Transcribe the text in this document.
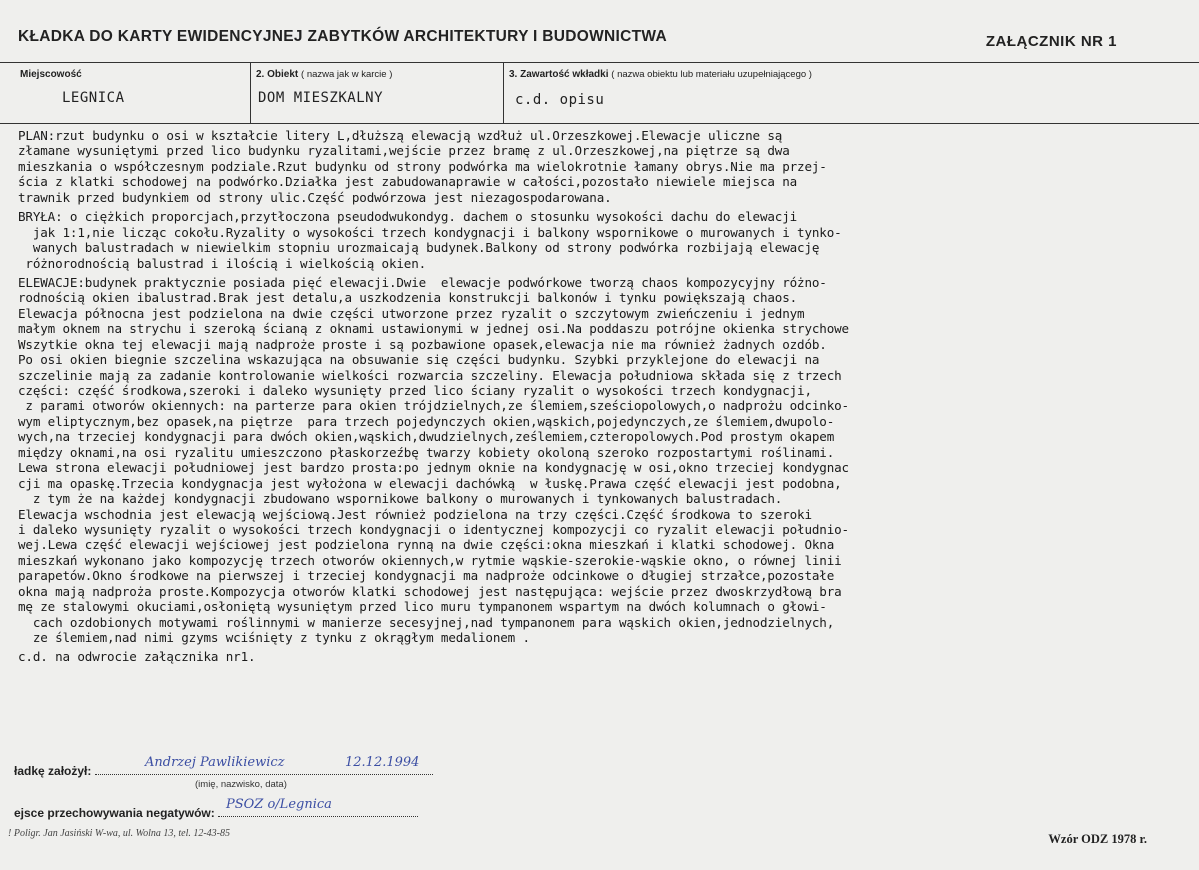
KŁADKA DO KARTY EWIDENCYJNEJ ZABYTKÓW ARCHITEKTURY I BUDOWNICTWA	ZAŁĄCZNIK NR 1
Miejscowość
LEGNICA
2. Obiekt ( nazwa jak w karcie )
DOM MIESZKALNY
3. Zawartość wkładki ( nazwa obiektu lub materiału uzupełniającego )
c.d. opisu
PLAN:rzut budynku o osi w kształcie litery L,dłuższą elewacją wzdłuż ul.Orzeszkowej.Elewacje uliczne są
złamane wysuniętymi przed lico budynku ryzalitami,wejście przez bramę z ul.Orzeszkowej,na piętrze są dwa
mieszkania o współczesnym podziale.Rzut budynku od strony podwórka ma wielokrotnie łamany obrys.Nie ma przej-
ścia z klatki schodowej na podwórko.Działka jest zabudowanaprawie w całości,pozostało niewiele miejsca na
trawnik przed budynkiem od strony ulic.Część podwórzowa jest niezagospodarowana.
BRYŁA: o ciężkich proporcjach,przytłoczona pseudodwukondyg. dachem o stosunku wysokości dachu do elewacji
jak 1:1,nie licząc cokołu.Ryzality o wysokości trzech kondygnacji i balkony wspornikowe o murowanych i tynko-
wanych balustradach w niewielkim stopniu urozmaicają budynek.Balkony od strony podwórka rozbijają elewację
różnorodnością balustrad i ilością i wielkością okien.
ELEWACJE:budynek praktycznie posiada pięć elewacji.Dwie  elewacje podwórkowe tworzą chaos kompozycyjny różno-
rodnością okien ibalustrad.Brak jest detalu,a uszkodzenia konstrukcji balkonów i tynku powiększają chaos.
Elewacja północna jest podzielona na dwie części utworzone przez ryzalit o szczytowym zwieńczeniu i jednym
małym oknem na strychu i szeroką ścianą z oknami ustawionymi w jednej osi.Na poddaszu potrójne okienka strychowe
Wszytkie okna tej elewacji mają nadproże proste i są pozbawione opasek,elewacja nie ma również żadnych ozdób.
Po osi okien biegnie szczelina wskazująca na obsuwanie się części budynku. Szybki przyklejone do elewacji na
szczelinie mają za zadanie kontrolowanie wielkości rozwarcia szczeliny. Elewacja południowa składa się z trzech
części: część środkowa,szeroki i daleko wysunięty przed lico ściany ryzalit o wysokości trzech kondygnacji,
z parami otworów okiennych: na parterze para okien trójdzielnych,ze ślemiem,sześciopolowych,o nadprożu odcinko-
wym eliptycznym,bez opasek,na piętrze  para trzech pojedynczych okien,wąskich,pojedynczych,ze ślemiem,dwupolo-
wych,na trzeciej kondygnacji para dwóch okien,wąskich,dwudzielnych,ześlemiem,czteropolowych.Pod prostym okapem
między oknami,na osi ryzalitu umieszczono płaskorzeźbę twarzy kobiety okoloną szeroko rozpostartymi roślinami.
Lewa strona elewacji południowej jest bardzo prosta:po jednym oknie na kondygnację w osi,okno trzeciej kondygnac
cji ma opaskę.Trzecia kondygnacja jest wyłożona w elewacji dachówką  w łuskę.Prawa część elewacji jest podobna,
z tym że na każdej kondygnacji zbudowano wspornikowe balkony o murowanych i tynkowanych balustradach.
Elewacja wschodnia jest elewacją wejściową.Jest również podzielona na trzy części.Część środkowa to szeroki
i daleko wysunięty ryzalit o wysokości trzech kondygnacji o identycznej kompozycji co ryzalit elewacji południo-
wej.Lewa część elewacji wejściowej jest podzielona rynną na dwie części:okna mieszkań i klatki schodowej. Okna
mieszkań wykonano jako kompozycję trzech otworów okiennych,w rytmie wąskie-szerokie-wąskie okno, o równej linii
parapetów.Okno środkowe na pierwszej i trzeciej kondygnacji ma nadproże odcinkowe o długiej strzałce,pozostałe
okna mają nadproża proste.Kompozycja otworów klatki schodowej jest następująca: wejście przez dwoskrzydłową bra
mę ze stalowymi okuciami,osłoniętą wysuniętym przed lico muru tympanonem wspartym na dwóch kolumnach o głowi-
cach ozdobionych motywami roślinnymi w manierze secesyjnej,nad tympanonem para wąskich okien,jednodzielnych,
ze ślemiem,nad nimi gzyms wciśnięty z tynku z okrągłym medalionem .
c.d. na odwrocie załącznika nr1.
ładkę założył:
Andrzej Pawlikiewicz	12.12.1994
(imię, nazwisko, data)
ejsce przechowywania negatywów:
PSOZ o/Legnica
! Poligr. Jan Jasiński W-wa, ul. Wolna 13, tel. 12-43-85	Wzór ODZ 1978 r.
